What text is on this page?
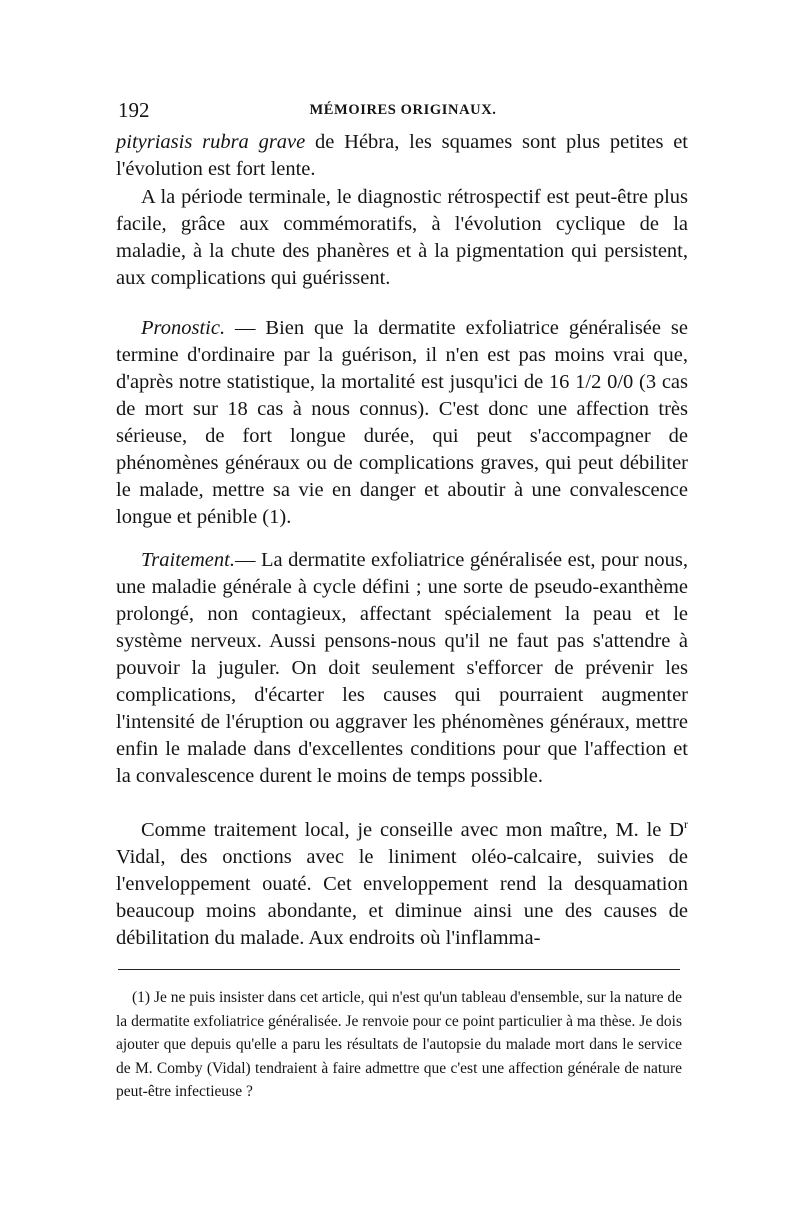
192	MÉMOIRES ORIGINAUX.

pityriasis rubra grave de Hébra, les squames sont plus petites et l'évolution est fort lente.

A la période terminale, le diagnostic rétrospectif est peut-être plus facile, grâce aux commémoratifs, à l'évolution cyclique de la maladie, à la chute des phanères et à la pigmentation qui persistent, aux complications qui guérissent.

Pronostic. — Bien que la dermatite exfoliatrice généralisée se termine d'ordinaire par la guérison, il n'en est pas moins vrai que, d'après notre statistique, la mortalité est jusqu'ici de 16 1/2 0/0 (3 cas de mort sur 18 cas à nous connus). C'est donc une affection très sérieuse, de fort longue durée, qui peut s'accompagner de phénomènes généraux ou de complications graves, qui peut débiliter le malade, mettre sa vie en danger et aboutir à une convalescence longue et pénible (1).

Traitement.— La dermatite exfoliatrice généralisée est, pour nous, une maladie générale à cycle défini ; une sorte de pseudo-exanthème prolongé, non contagieux, affectant spécialement la peau et le système nerveux. Aussi pensons-nous qu'il ne faut pas s'attendre à pouvoir la juguler. On doit seulement s'efforcer de prévenir les complications, d'écarter les causes qui pourraient augmenter l'intensité de l'éruption ou aggraver les phénomènes généraux, mettre enfin le malade dans d'excellentes conditions pour que l'affection et la convalescence durent le moins de temps possible.

Comme traitement local, je conseille avec mon maître, M. le $D^r$ Vidal, des onctions avec le liniment oléo-calcaire, suivies de l'enveloppement ouaté. Cet enveloppement rend la desquamation beaucoup moins abondante, et diminue ainsi une des causes de débilitation du malade. Aux endroits où l'inflamma-

(1) Je ne puis insister dans cet article, qui n'est qu'un tableau d'ensemble, sur la nature de la dermatite exfoliatrice généralisée. Je renvoie pour ce point particulier à ma thèse. Je dois ajouter que depuis qu'elle a paru les résultats de l'autopsie du malade mort dans le service de M. Comby (Vidal) tendraient à faire admettre que c'est une affection générale de nature peut-être infectieuse ?
